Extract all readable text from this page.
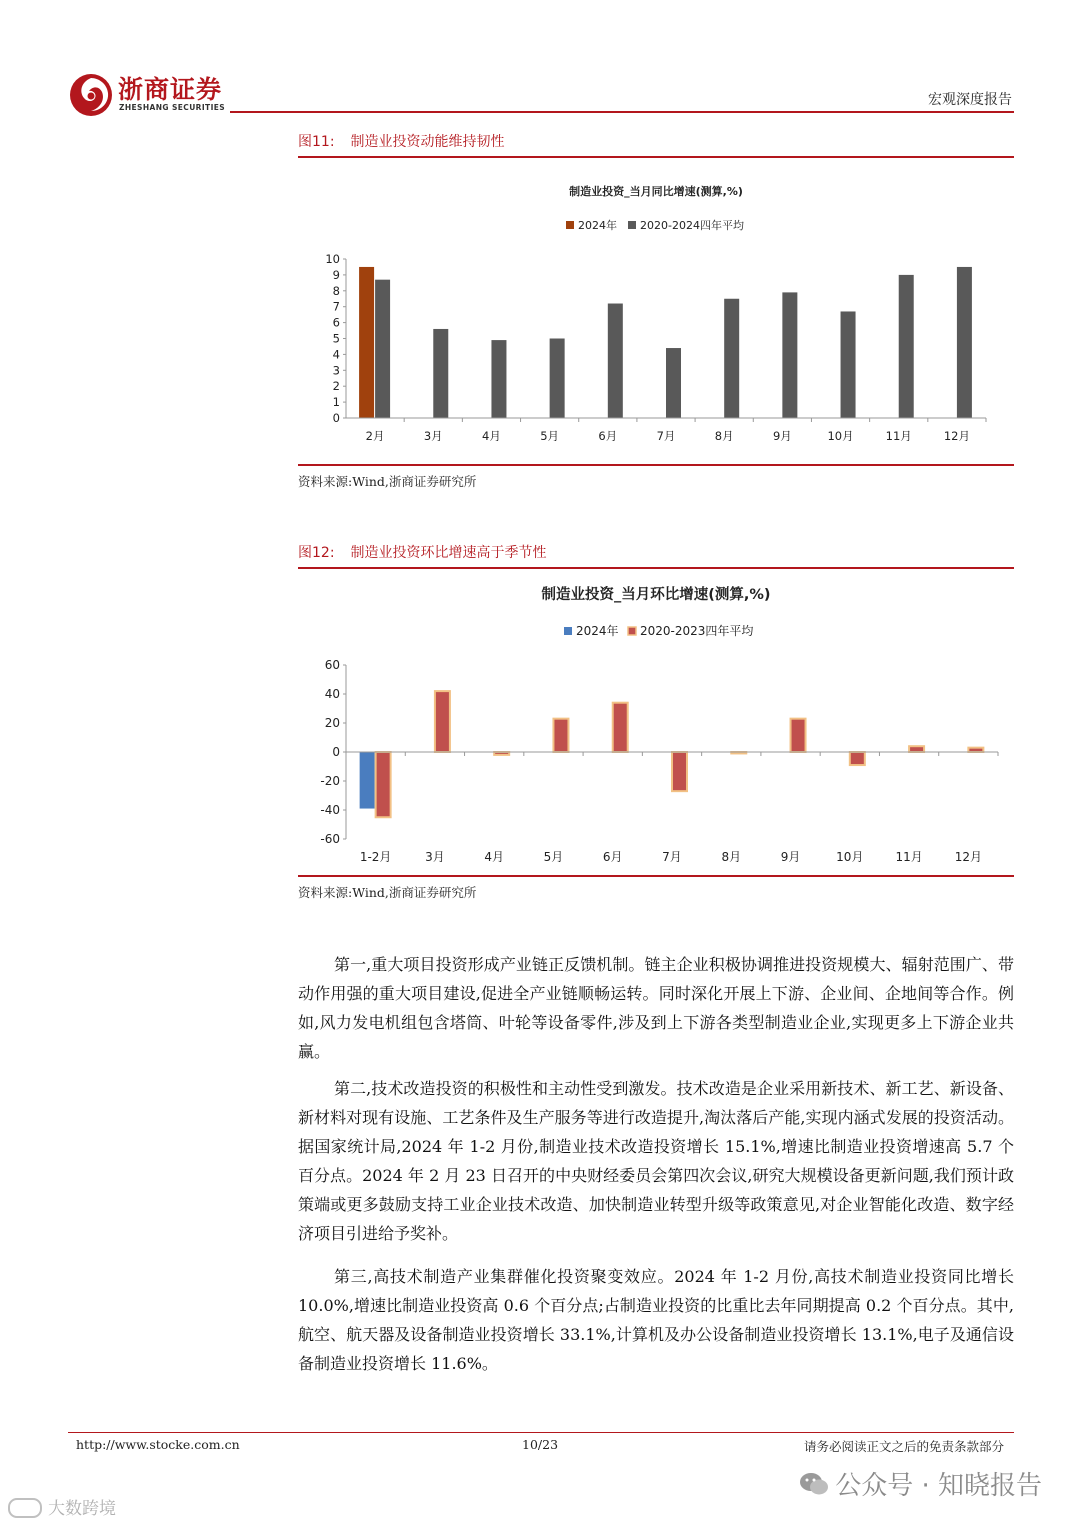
浙商证券
ZHESHANG SECURITIES	宏观深度报告
图11: 制造业投资动能维持韧性
制造业投资_当月同比增速(测算,%)
2024年 2020-2024四年平均
0
1
2
3
4
5
6
7
8
9
10
2月	3月	4月	5月	6月	7月	8月	9月	10月	11月	12月
资料来源:Wind,浙商证券研究所
图12: 制造业投资环比增速高于季节性
制造业投资_当月环比增速(测算,%)
2024年 2020-2023四年平均
-60
-40
-20
0
20
40
60
1-2月	3月	4月	5月	6月	7月	8月	9月	10月	11月	12月
资料来源:Wind,浙商证券研究所

第一,重大项目投资形成产业链正反馈机制。链主企业积极协调推进投资规模大、辐射范围广、带动作用强的重大项目建设,促进全产业链顺畅运转。同时深化开展上下游、企业间、企地间等合作。例如,风力发电机组包含塔筒、叶轮等设备零件,涉及到上下游各类型制造业企业,实现更多上下游企业共赢。

第二,技术改造投资的积极性和主动性受到激发。技术改造是企业采用新技术、新工艺、新设备、新材料对现有设施、工艺条件及生产服务等进行改造提升,淘汰落后产能,实现内涵式发展的投资活动。据国家统计局,2024 年 1-2 月份,制造业技术改造投资增长 15.1%,增速比制造业投资增速高 5.7 个百分点。2024 年 2 月 23 日召开的中央财经委员会第四次会议,研究大规模设备更新问题,我们预计政策端或更多鼓励支持工业企业技术改造、加快制造业转型升级等政策意见,对企业智能化改造、数字经济项目引进给予奖补。

第三,高技术制造产业集群催化投资聚变效应。2024 年 1-2 月份,高技术制造业投资同比增长 10.0%,增速比制造业投资高 0.6 个百分点;占制造业投资的比重比去年同期提高 0.2 个百分点。其中,航空、航天器及设备制造业投资增长 33.1%,计算机及办公设备制造业投资增长 13.1%,电子及通信设备制造业投资增长 11.6%。

http://www.stocke.com.cn	10/23	请务必阅读正文之后的免责条款部分
公众号 · 知晓报告
大数跨境
